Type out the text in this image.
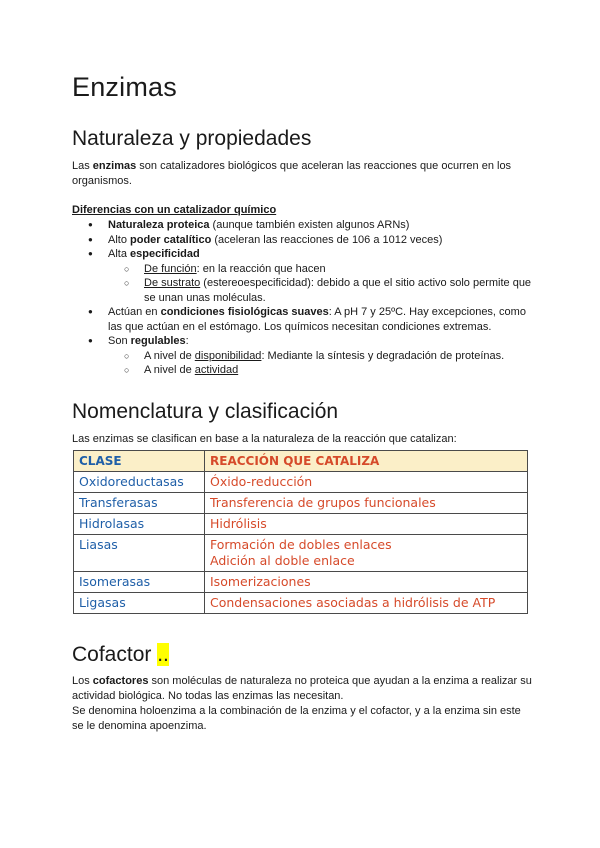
Enzimas
Naturaleza y propiedades

Las enzimas son catalizadores biológicos que aceleran las reacciones que ocurren en los organismos.

Diferencias con un catalizador químico

● Naturaleza proteica (aunque también existen algunos ARNs)
● Alto poder catalítico (aceleran las reacciones de 106 a 1012 veces)
● Alta especificidad
○ De función: en la reacción que hacen
○ De sustrato (estereoespecificidad): debido a que el sitio activo solo permite que se unan unas moléculas.
● Actúan en condiciones fisiológicas suaves: A pH 7 y 25ºC. Hay excepciones, como las que actúan en el estómago. Los químicos necesitan condiciones extremas.
● Son regulables:
○ A nivel de disponibilidad: Mediante la síntesis y degradación de proteínas.
○ A nivel de actividad
Nomenclatura y clasificación

Las enzimas se clasifican en base a la naturaleza de la reacción que catalizan:

CLASE	REACCIÓN QUE CATALIZA
Oxidoreductasas	Óxido-reducción
Transferasas	Transferencia de grupos funcionales
Hidrolasas	Hidrólisis
Liasas	Formación de dobles enlaces
Adición al doble enlace

Isomerasas	Isomerizaciones
Ligasas	Condensaciones asociadas a hidrólisis de ATP
Cofactor ..

Los cofactores son moléculas de naturaleza no proteica que ayudan a la enzima a realizar su actividad biológica. No todas las enzimas las necesitan.

Se denomina holoenzima a la combinación de la enzima y el cofactor, y a la enzima sin este se le denomina apoenzima.
